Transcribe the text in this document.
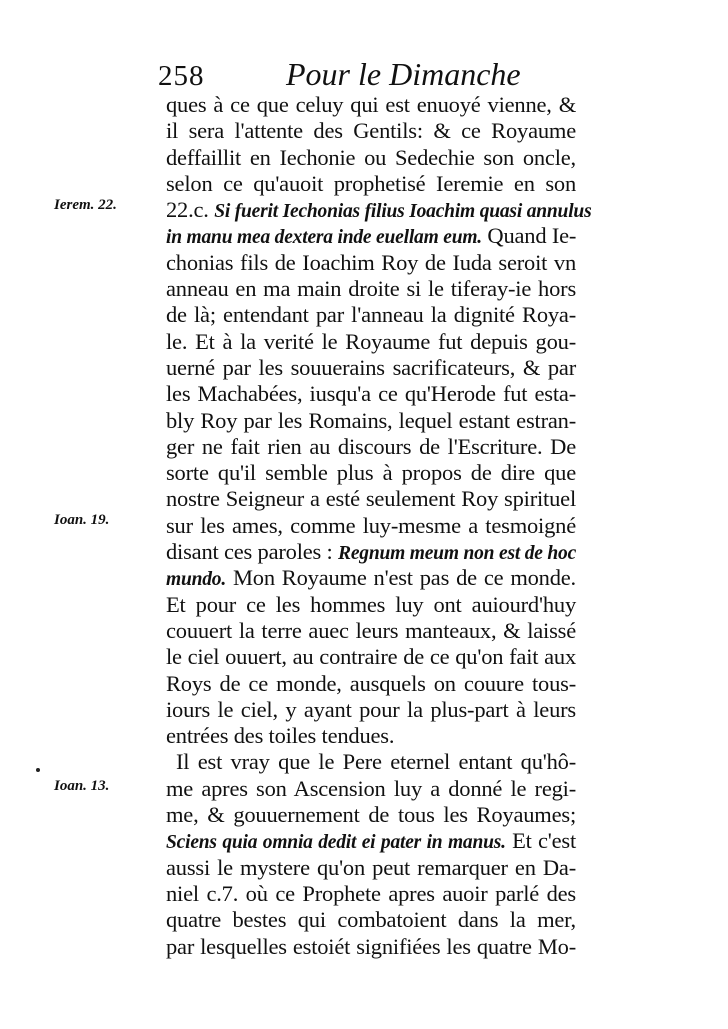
258	Pour le Dimanche
Ierem. 22.
Ioan. 19.
Ioan. 13.
ques à ce que celuy qui est enuoyé vienne, &
il sera l'attente des Gentils: & ce Royaume
deffaillit en Iechonie ou Sedechie son oncle,
selon ce qu'auoit prophetisé Ieremie en son
22.c. Si fuerit Iechonias filius Ioachim quasi annulus
in manu mea dextera inde euellam eum. Quand Ie-
chonias fils de Ioachim Roy de Iuda seroit vn
anneau en ma main droite si le tiferay-ie hors
de là; entendant par l'anneau la dignité Roya-
le. Et à la verité le Royaume fut depuis gou-
uerné par les souuerains sacrificateurs, & par
les Machabées, iusqu'a ce qu'Herode fut esta-
bly Roy par les Romains, lequel estant estran-
ger ne fait rien au discours de l'Escriture. De
sorte qu'il semble plus à propos de dire que
nostre Seigneur a esté seulement Roy spirituel
sur les ames, comme luy-mesme a tesmoigné
disant ces paroles : Regnum meum non est de hoc
mundo. Mon Royaume n'est pas de ce monde.
Et pour ce les hommes luy ont auiourd'huy
couuert la terre auec leurs manteaux, & laissé
le ciel ouuert, au contraire de ce qu'on fait aux
Roys de ce monde, ausquels on couure tous-
iours le ciel, y ayant pour la plus-part à leurs
entrées des toiles tendues.
Il est vray que le Pere eternel entant qu'hô-
me apres son Ascension luy a donné le regi-
me, & gouuernement de tous les Royaumes;
Sciens quia omnia dedit ei pater in manus. Et c'est
aussi le mystere qu'on peut remarquer en Da-
niel c.7. où ce Prophete apres auoir parlé des
quatre bestes qui combatoient dans la mer,
par lesquelles estoiét signifiées les quatre Mo-
